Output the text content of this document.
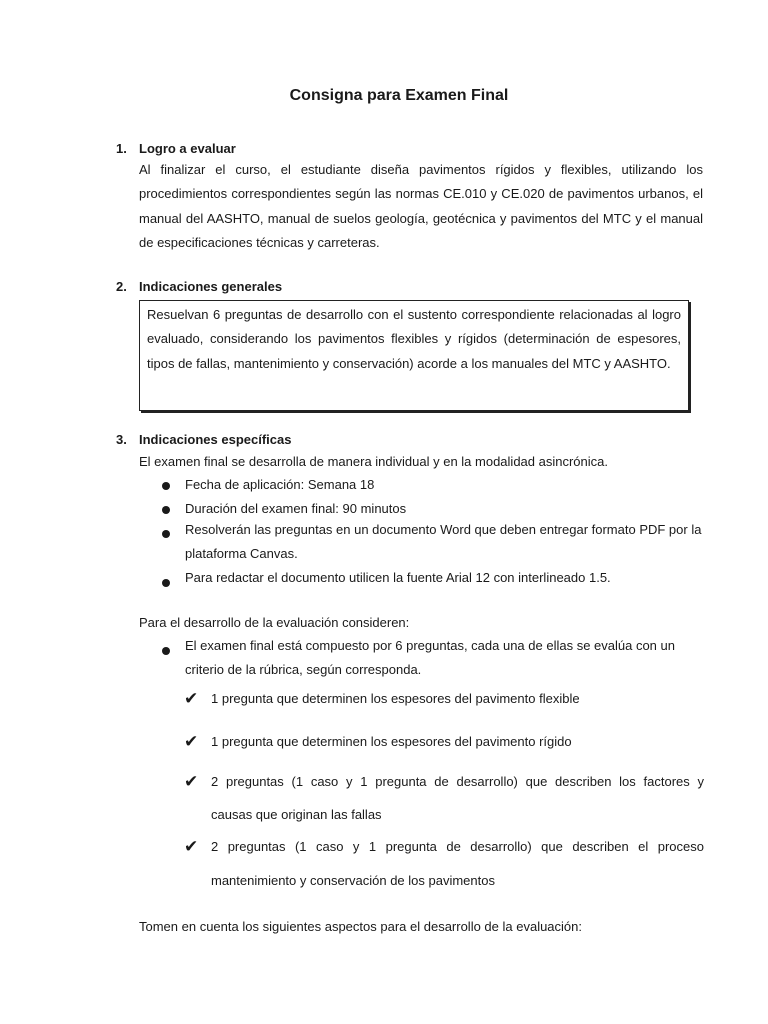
Consigna para Examen Final
1. Logro a evaluar
Al finalizar el curso, el estudiante diseña pavimentos rígidos y flexibles, utilizando los procedimientos correspondientes según las normas CE.010 y CE.020 de pavimentos urbanos, el manual del AASHTO, manual de suelos geología, geotécnica y pavimentos del MTC y el manual de especificaciones técnicas y carreteras.
2. Indicaciones generales
Resuelvan 6 preguntas de desarrollo con el sustento correspondiente relacionadas al logro evaluado, considerando los pavimentos flexibles y rígidos (determinación de espesores, tipos de fallas, mantenimiento y conservación) acorde a los manuales del MTC y AASHTO.
3. Indicaciones específicas
El examen final se desarrolla de manera individual y en la modalidad asincrónica.
Fecha de aplicación: Semana 18
Duración del examen final: 90 minutos
Resolverán las preguntas en un documento Word que deben entregar formato PDF por la plataforma Canvas.
Para redactar el documento utilicen la fuente Arial 12 con interlineado 1.5.
Para el desarrollo de la evaluación consideren:
El examen final está compuesto por 6 preguntas, cada una de ellas se evalúa con un criterio de la rúbrica, según corresponda.
✔ 1 pregunta que determinen los espesores del pavimento flexible
✔ 1 pregunta que determinen los espesores del pavimento rígido
✔ 2 preguntas (1 caso y 1 pregunta de desarrollo) que describen los factores y
causas que originan las fallas
✔ 2 preguntas (1 caso y 1 pregunta de desarrollo) que describen el proceso
mantenimiento y conservación de los pavimentos
Tomen en cuenta los siguientes aspectos para el desarrollo de la evaluación:
